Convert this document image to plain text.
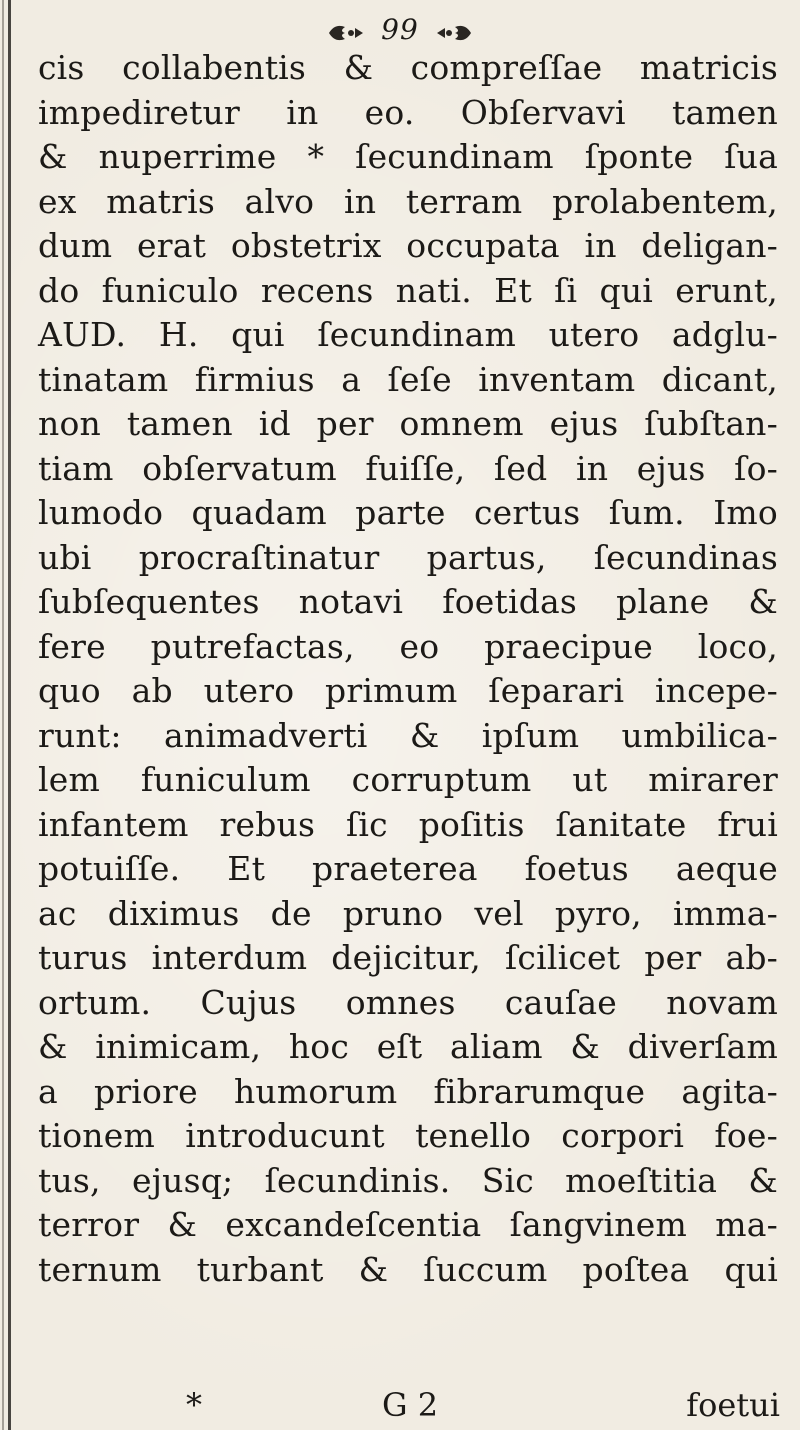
99
cis collabentis & compreſſae matricis
impediretur in eo. Obſervavi tamen
& nuperrime * ſecundinam ſponte ſua
ex matris alvo in terram prolabentem,
dum erat obstetrix occupata in deligan-
do funiculo recens nati. Et ſi qui erunt,
AUD. H. qui ſecundinam utero adglu-
tinatam firmius a ſeſe inventam dicant,
non tamen id per omnem ejus ſubſtan-
tiam obſervatum fuiſſe, ſed in ejus ſo-
lumodo quadam parte certus ſum. Imo
ubi procraſtinatur partus, ſecundinas
ſubſequentes notavi foetidas plane &
fere putrefactas, eo praecipue loco,
quo ab utero primum ſeparari incepe-
runt: animadverti & ipſum umbilica-
lem funiculum corruptum ut mirarer
infantem rebus ſic poſitis ſanitate frui
potuiſſe. Et praeterea foetus aeque
ac diximus de pruno vel pyro, imma-
turus interdum dejicitur, ſcilicet per ab-
ortum. Cujus omnes cauſae novam
& inimicam, hoc eſt aliam & diverſam
a priore humorum fibrarumque agita-
tionem introducunt tenello corpori foe-
tus, ejusq; ſecundinis. Sic moeſtitia &
terror & excandeſcentia ſangvinem ma-
ternum turbant & ſuccum poſtea qui
*	G 2	foetui
